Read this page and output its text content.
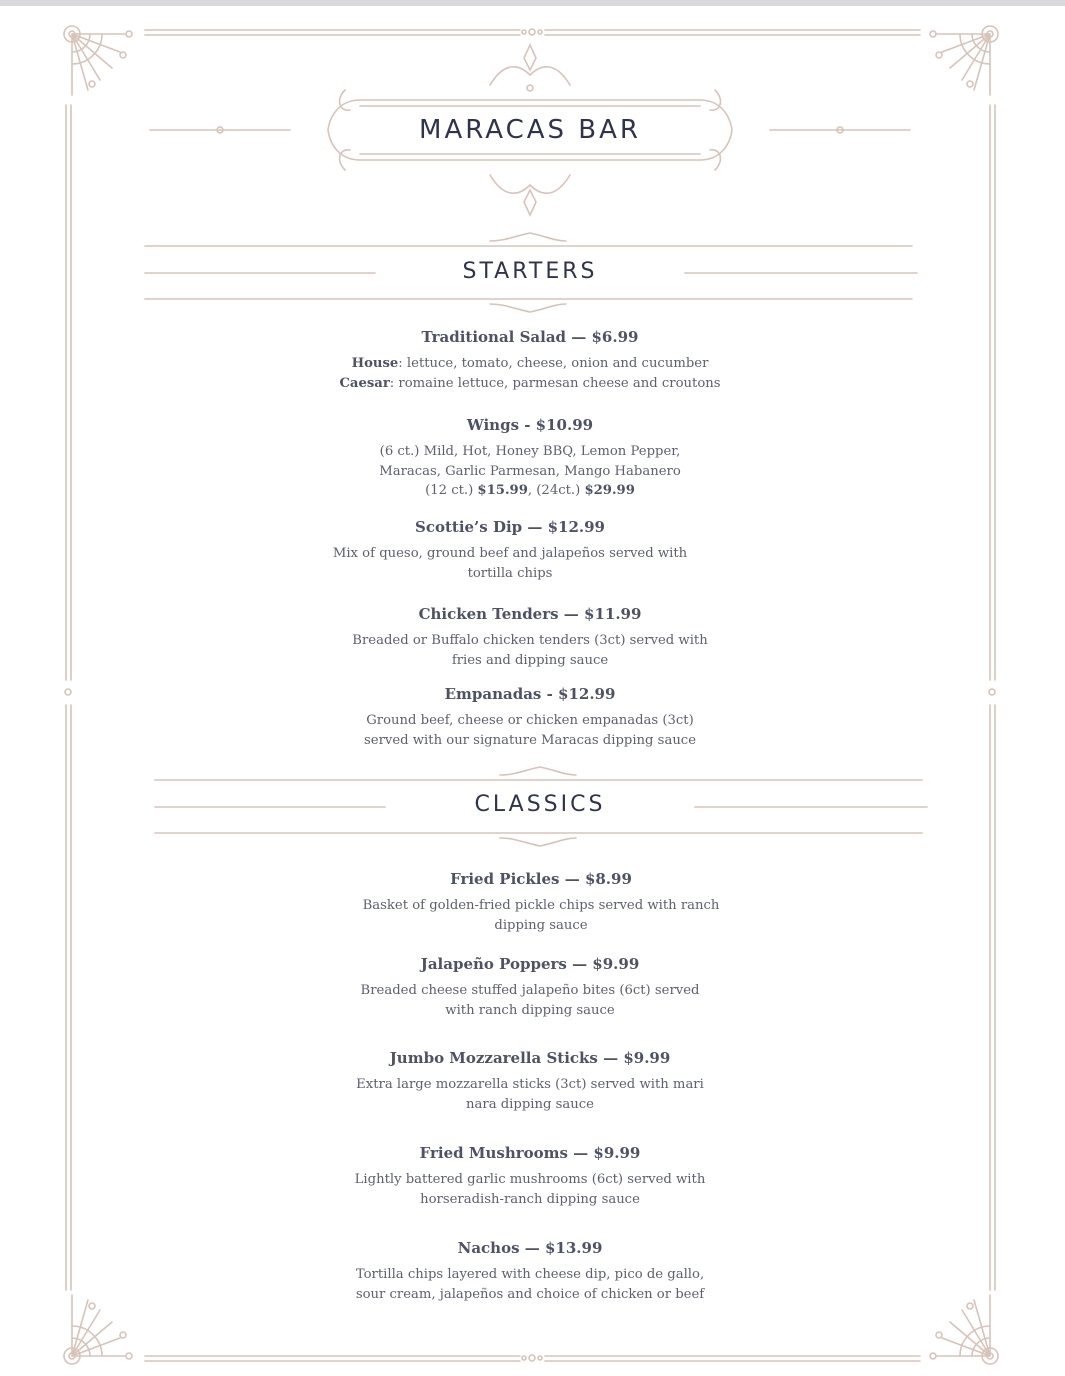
MARACAS BAR
STARTERS
CLASSICS
Traditional Salad — $6.99
House: lettuce, tomato, cheese, onion and cucumber
Caesar: romaine lettuce, parmesan cheese and croutons
Wings - $10.99
(6 ct.) Mild, Hot, Honey BBQ, Lemon Pepper,
Maracas, Garlic Parmesan, Mango Habanero
(12 ct.) $15.99, (24ct.) $29.99
Scottie’s Dip — $12.99
Mix of queso, ground beef and jalapeños served with
tortilla chips
Chicken Tenders — $11.99
Breaded or Buffalo chicken tenders (3ct) served with
fries and dipping sauce
Empanadas - $12.99
Ground beef, cheese or chicken empanadas (3ct)
served with our signature Maracas dipping sauce
Fried Pickles — $8.99
Basket of golden-fried pickle chips served with ranch
dipping sauce
Jalapeño Poppers — $9.99
Breaded cheese stuffed jalapeño bites (6ct) served
with ranch dipping sauce
Jumbo Mozzarella Sticks — $9.99
Extra large mozzarella sticks (3ct) served with mari
nara dipping sauce
Fried Mushrooms — $9.99
Lightly battered garlic mushrooms (6ct) served with
horseradish-ranch dipping sauce
Nachos — $13.99
Tortilla chips layered with cheese dip, pico de gallo,
sour cream, jalapeños and choice of chicken or beef
